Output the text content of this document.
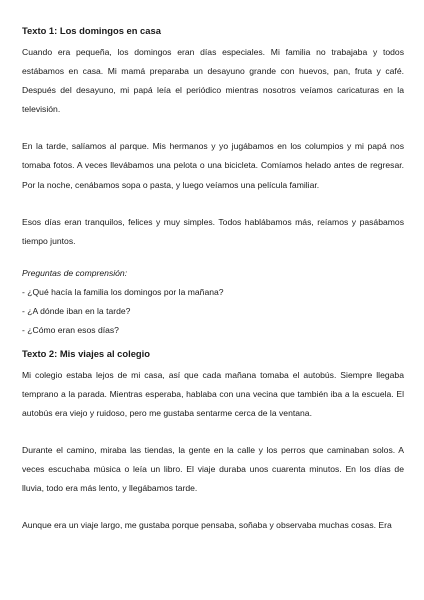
Texto 1: Los domingos en casa

Cuando era pequeña, los domingos eran días especiales. Mi familia no trabajaba y todos estábamos en casa. Mi mamá preparaba un desayuno grande con huevos, pan, fruta y café. Después del desayuno, mi papá leía el periódico mientras nosotros veíamos caricaturas en la televisión.

En la tarde, salíamos al parque. Mis hermanos y yo jugábamos en los columpios y mi papá nos tomaba fotos. A veces llevábamos una pelota o una bicicleta. Comíamos helado antes de regresar. Por la noche, cenábamos sopa o pasta, y luego veíamos una película familiar.

Esos días eran tranquilos, felices y muy simples. Todos hablábamos más, reíamos y pasábamos tiempo juntos.

Preguntas de comprensión:

- ¿Qué hacía la familia los domingos por la mañana?

- ¿A dónde iban en la tarde?

- ¿Cómo eran esos días?

Texto 2: Mis viajes al colegio

Mi colegio estaba lejos de mi casa, así que cada mañana tomaba el autobús. Siempre llegaba temprano a la parada. Mientras esperaba, hablaba con una vecina que también iba a la escuela. El autobús era viejo y ruidoso, pero me gustaba sentarme cerca de la ventana.

Durante el camino, miraba las tiendas, la gente en la calle y los perros que caminaban solos. A veces escuchaba música o leía un libro. El viaje duraba unos cuarenta minutos. En los días de lluvia, todo era más lento, y llegábamos tarde.

Aunque era un viaje largo, me gustaba porque pensaba, soñaba y observaba muchas cosas. Era
